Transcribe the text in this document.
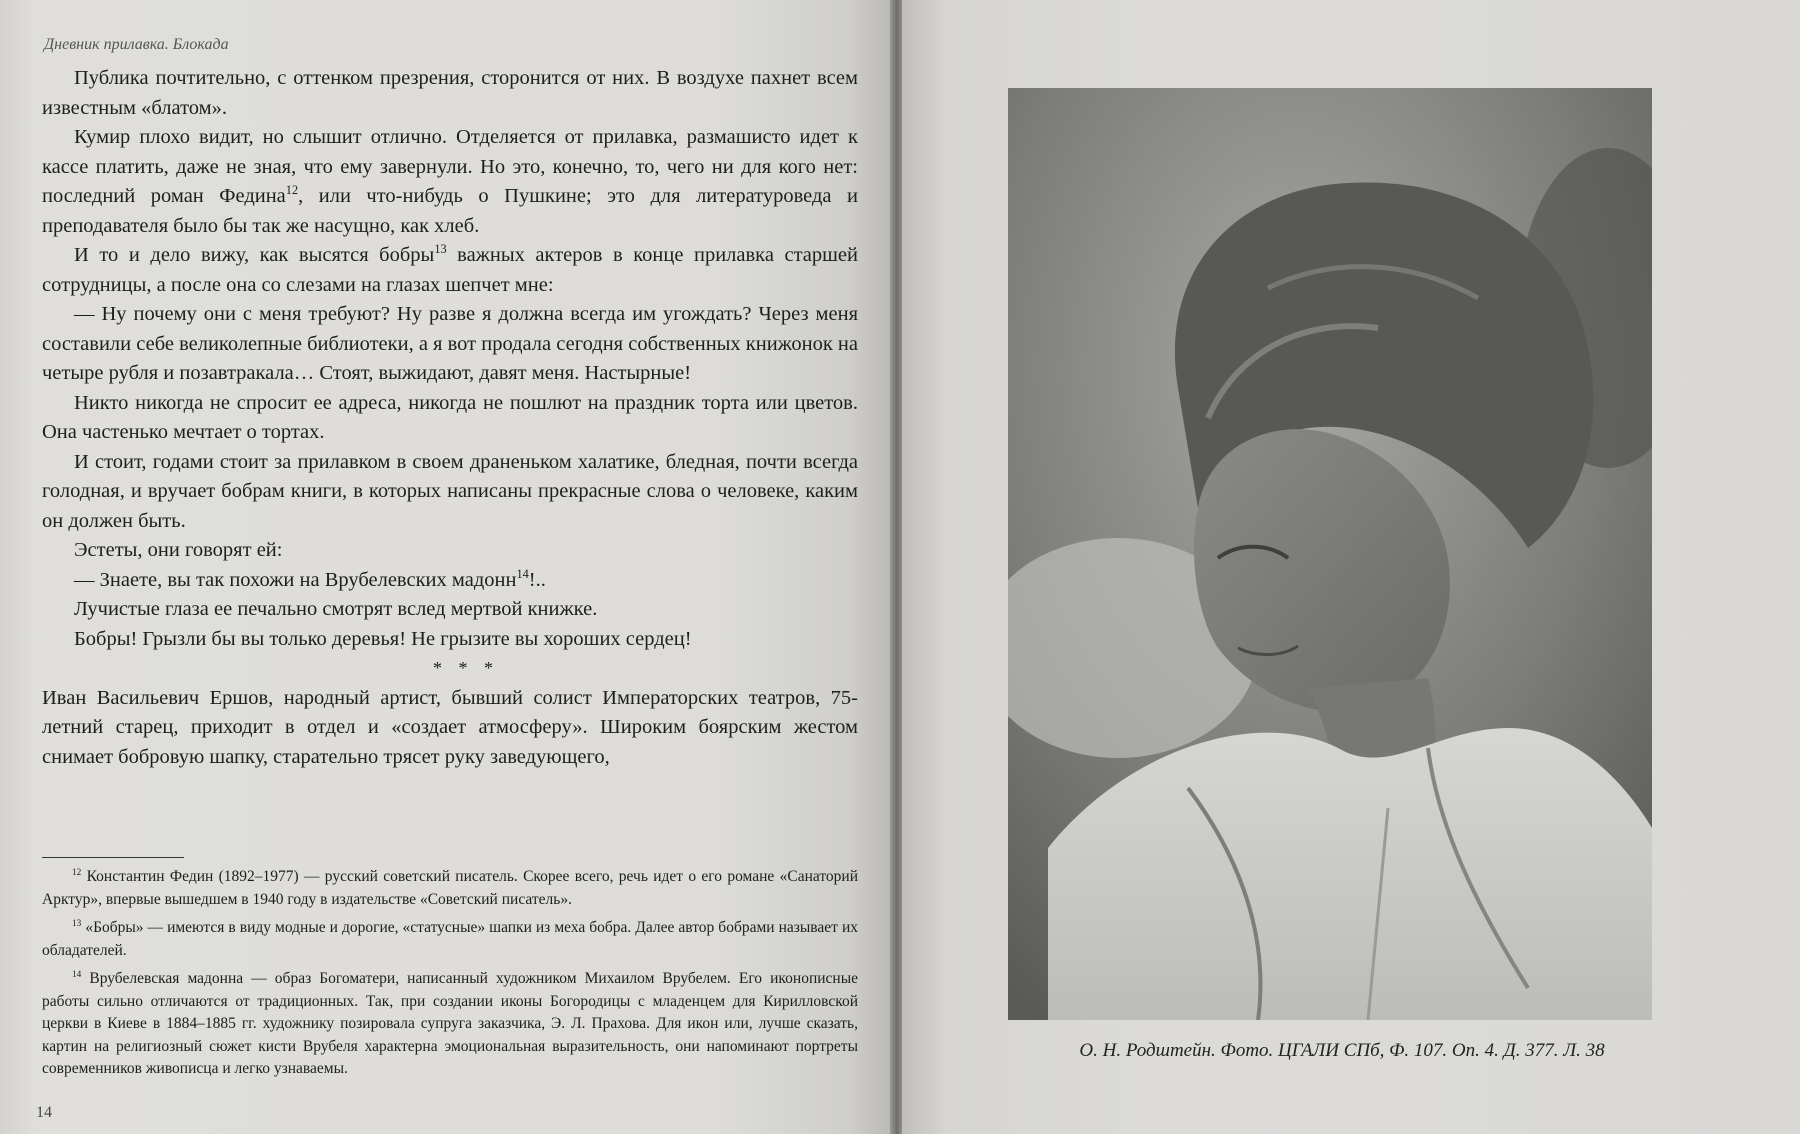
Дневник прилавка. Блокада

Публика почтительно, с оттенком презрения, сторонится от них. В воздухе пахнет всем известным «блатом».

Кумир плохо видит, но слышит отлично. Отделяется от прилавка, размашисто идет к кассе платить, даже не зная, что ему завернули. Но это, конечно, то, чего ни для кого нет: последний роман Федина$^{12}$, или что-нибудь о Пушкине; это для литературоведа и преподавателя было бы так же насущно, как хлеб.

И то и дело вижу, как высятся бобры$^{13}$ важных актеров в конце прилавка старшей сотрудницы, а после она со слезами на глазах шепчет мне:

— Ну почему они с меня требуют? Ну разве я должна всегда им угождать? Через меня составили себе великолепные библиотеки, а я вот продала сегодня собственных книжонок на четыре рубля и позавтракала… Стоят, выжидают, давят меня. Настырные!

Никто никогда не спросит ее адреса, никогда не пошлют на праздник торта или цветов. Она частенько мечтает о тортах.

И стоит, годами стоит за прилавком в своем драненьком халатике, бледная, почти всегда голодная, и вручает бобрам книги, в которых написаны прекрасные слова о человеке, каким он должен быть.

Эстеты, они говорят ей:

— Знаете, вы так похожи на Врубелевских мадонн$^{14}$!..

Лучистые глаза ее печально смотрят вслед мертвой книжке.

Бобры! Грызли бы вы только деревья! Не грызите вы хороших сердец!

* * *

Иван Васильевич Ершов, народный артист, бывший солист Императорских театров, 75-летний старец, приходит в отдел и «создает атмосферу». Широким боярским жестом снимает бобровую шапку, старательно трясет руку заведующего,

$^{12}$ Константин Федин (1892–1977) — русский советский писатель. Скорее всего, речь идет о его романе «Санаторий Арктур», впервые вышедшем в 1940 году в издательстве «Советский писатель».

$^{13}$ «Бобры» — имеются в виду модные и дорогие, «статусные» шапки из меха бобра. Далее автор бобрами называет их обладателей.

$^{14}$ Врубелевская мадонна — образ Богоматери, написанный художником Михаилом Врубелем. Его иконописные работы сильно отличаются от традиционных. Так, при создании иконы Богородицы с младенцем для Кирилловской церкви в Киеве в 1884–1885 гг. художнику позировала супруга заказчика, Э. Л. Прахова. Для икон или, лучше сказать, картин на религиозный сюжет кисти Врубеля характерна эмоциональная выразительность, они напоминают портреты современников живописца и легко узнаваемы.

14
О. Н. Родштейн. Фото. ЦГАЛИ СПб, Ф. 107. Оп. 4. Д. 377. Л. 38
